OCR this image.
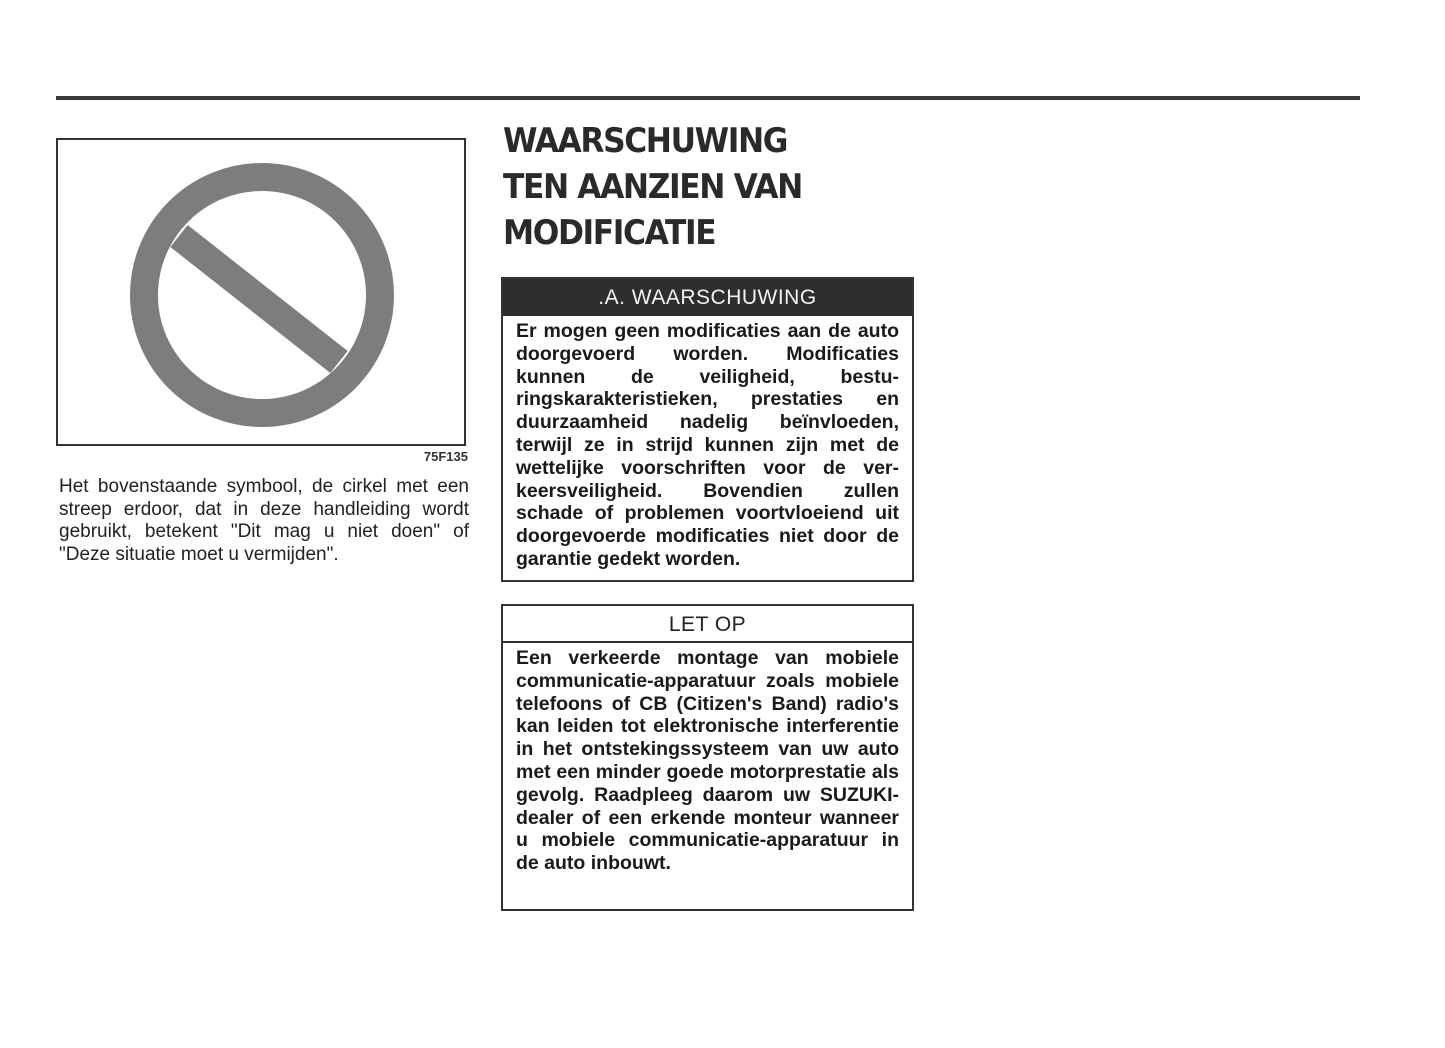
75F135
Het bovenstaande symbool, de cirkel met een streep erdoor, dat in deze handleiding wordt gebruikt, betekent "Dit mag u niet doen" of "Deze situatie moet u vermijden".
WAARSCHUWING
TEN AANZIEN VAN
MODIFICATIE
.A. WAARSCHUWING
Er mogen geen modificaties aan de auto doorgevoerd worden. Modificaties kunnen de veiligheid, besturingskarakteristieken, prestaties en duurzaamheid nadelig beïnvloeden, terwijl ze in strijd kunnen zijn met de wettelijke voorschriften voor de verkeersveiligheid. Bovendien zullen schade of problemen voortvloeiend uit doorgevoerde modificaties niet door de garantie gedekt worden.
LET OP
Een verkeerde montage van mobiele communicatie-apparatuur zoals mobiele telefoons of CB (Citizen's Band) radio's kan leiden tot elektronische interferentie in het ontstekingssysteem van uw auto met een minder goede motorprestatie als gevolg. Raadpleeg daarom uw SUZUKI-dealer of een erkende monteur wanneer u mobiele communicatie-apparatuur in de auto inbouwt.
